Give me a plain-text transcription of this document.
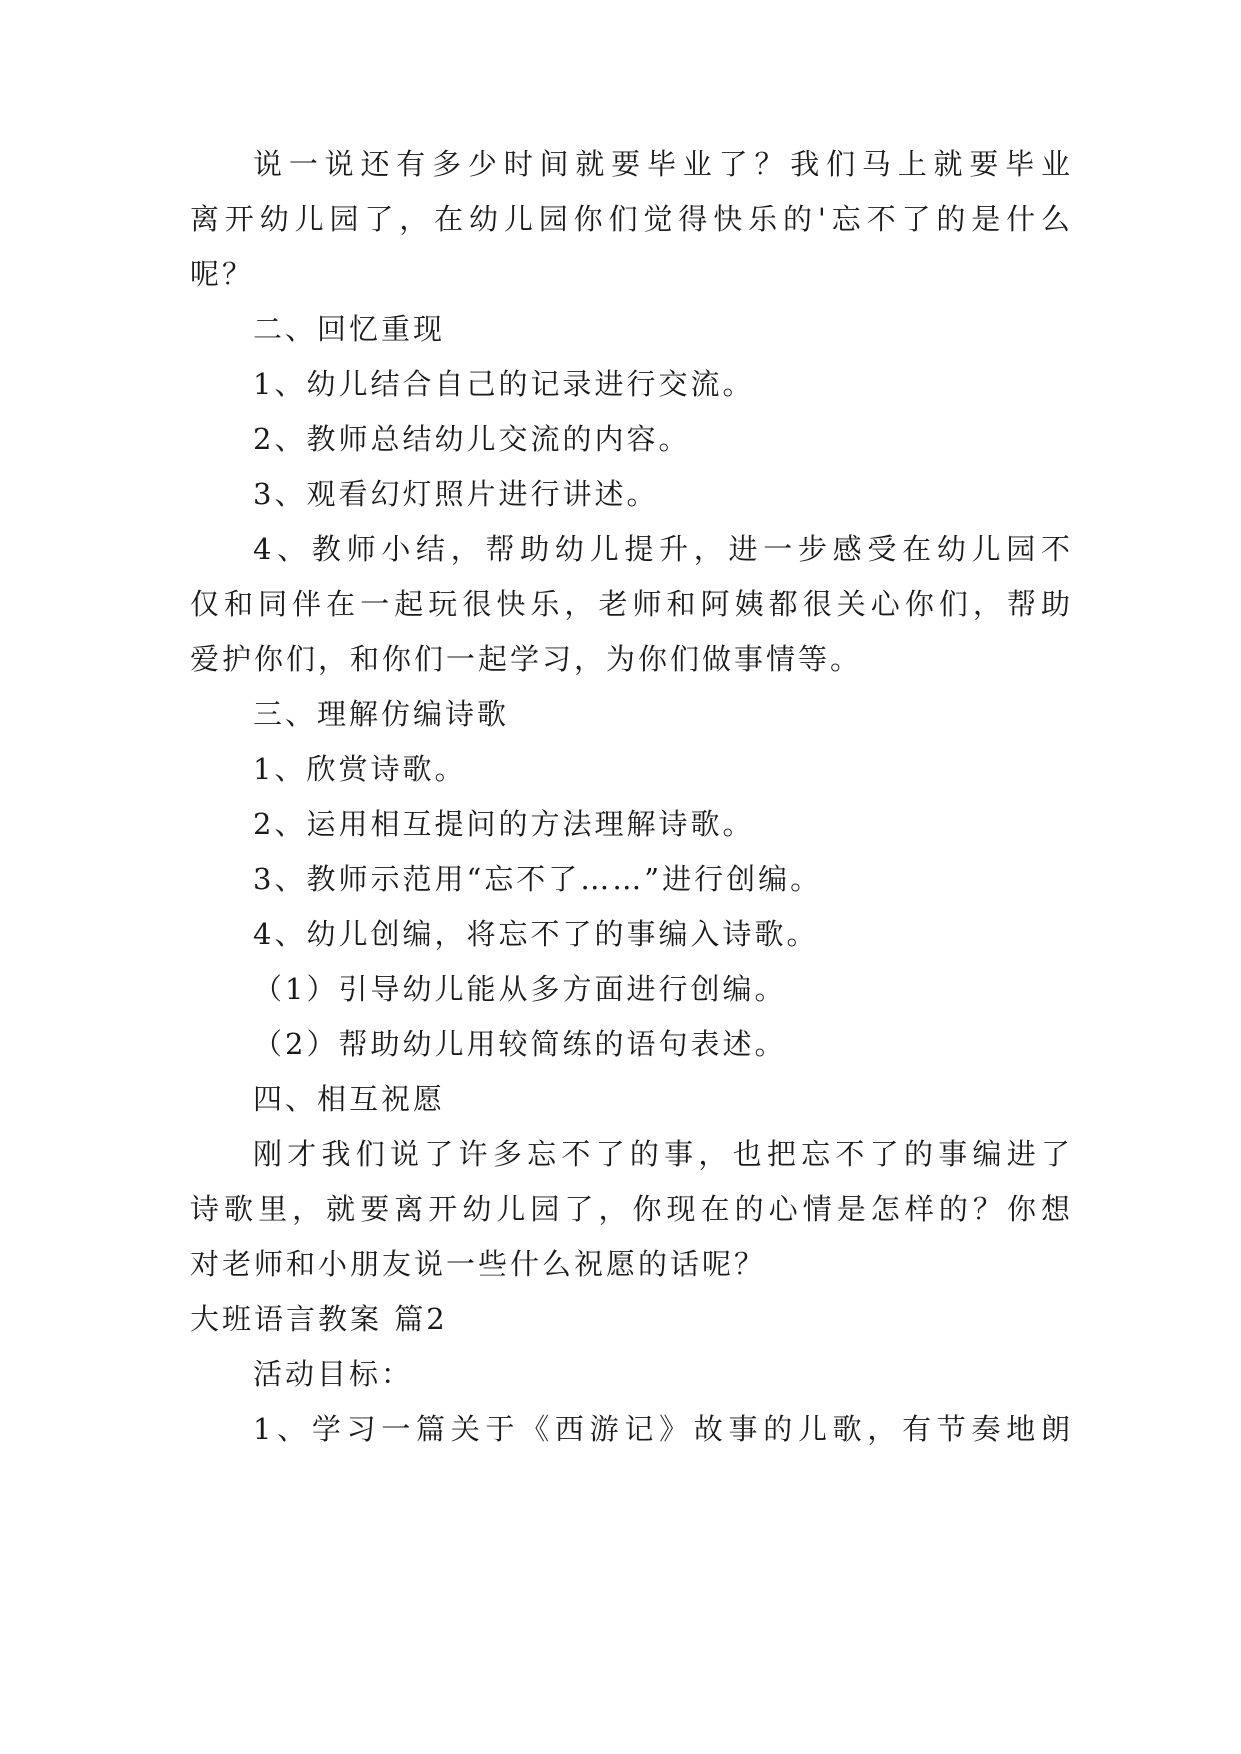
说一说还有多少时间就要毕业了？我们马上就要毕业

离开幼儿园了，在幼儿园你们觉得快乐的'忘不了的是什么

呢？

二、回忆重现

1、幼儿结合自己的记录进行交流。

2、教师总结幼儿交流的内容。

3、观看幻灯照片进行讲述。

4、教师小结，帮助幼儿提升，进一步感受在幼儿园不

仅和同伴在一起玩很快乐，老师和阿姨都很关心你们，帮助

爱护你们，和你们一起学习，为你们做事情等。

三、理解仿编诗歌

1、欣赏诗歌。

2、运用相互提问的方法理解诗歌。

3、教师示范用“忘不了……”进行创编。

4、幼儿创编，将忘不了的事编入诗歌。

（1）引导幼儿能从多方面进行创编。

（2）帮助幼儿用较简练的语句表述。

四、相互祝愿

刚才我们说了许多忘不了的事，也把忘不了的事编进了

诗歌里，就要离开幼儿园了，你现在的心情是怎样的？你想

对老师和小朋友说一些什么祝愿的话呢？

大班语言教案 篇2

活动目标：

1、学习一篇关于《西游记》故事的儿歌，有节奏地朗
